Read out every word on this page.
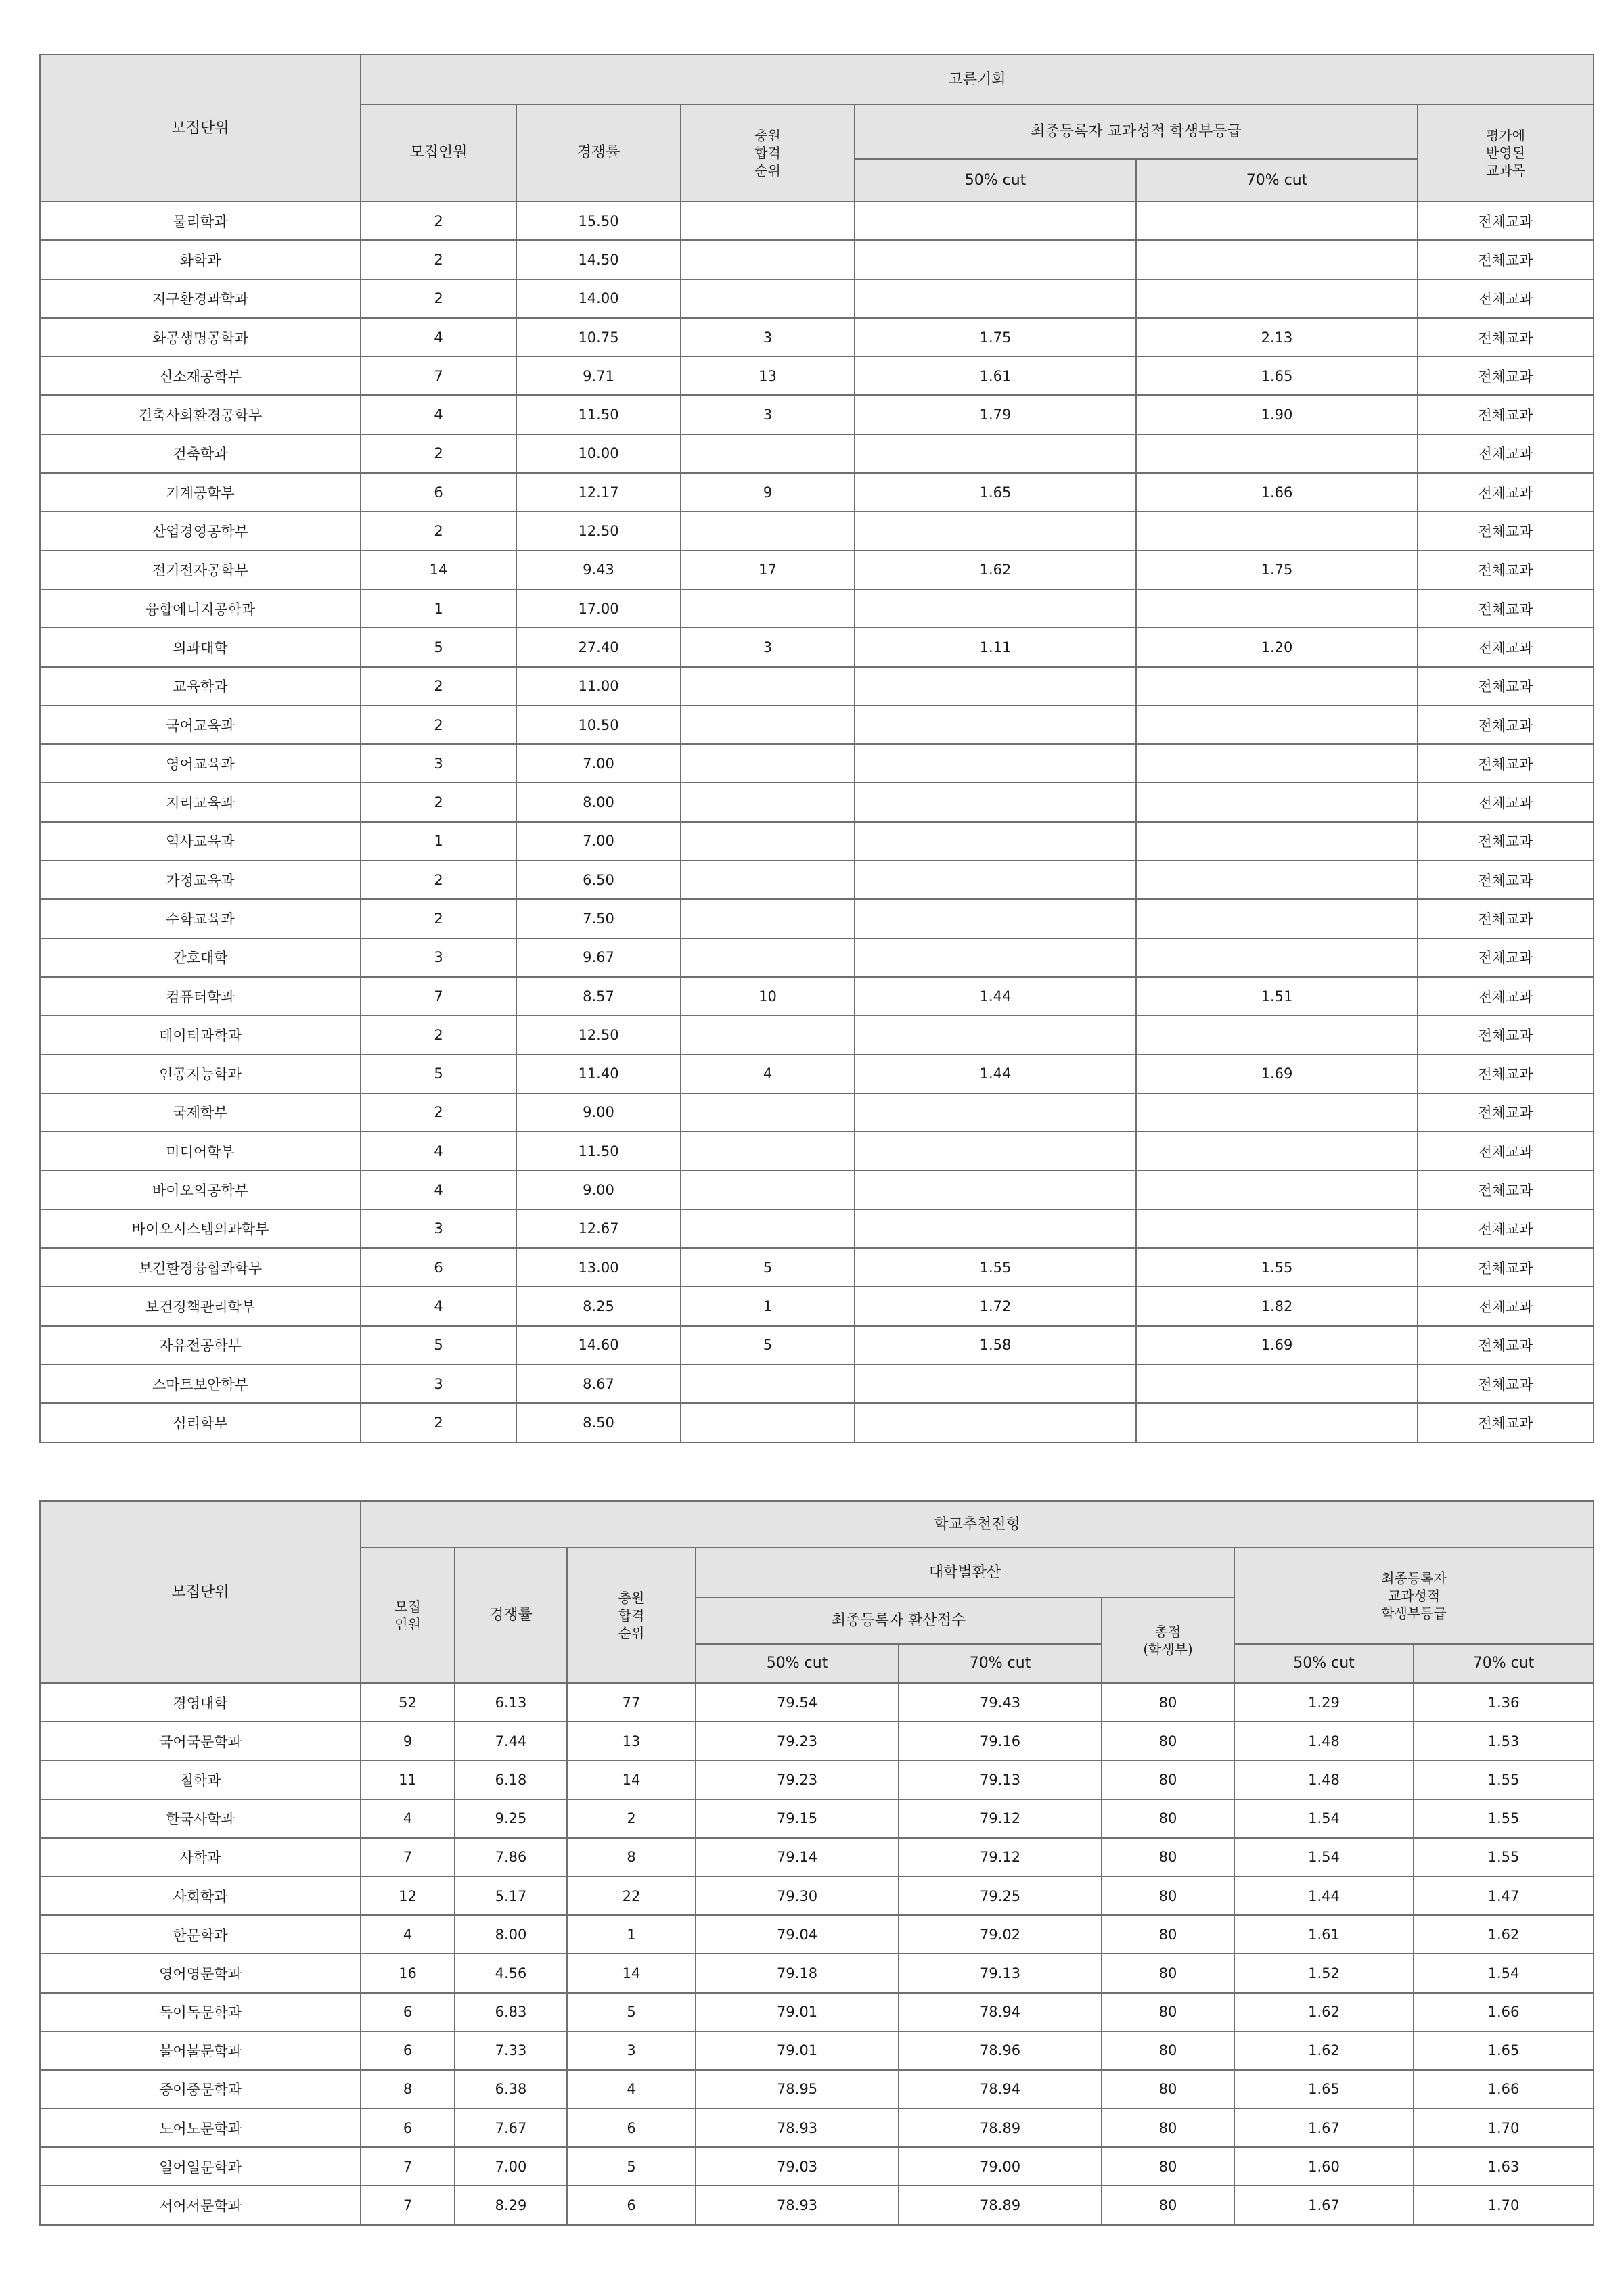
모집단위	고른기회					
	모집인원	경쟁률	충원
합격
순위	최종등록자 교과성적 학생부등급		평가에
반영된
교과목
				50% cut	70% cut	
물리학과	2	15.50				전체교과
화학과	2	14.50				전체교과
지구환경과학과	2	14.00				전체교과
화공생명공학과	4	10.75	3	1.75	2.13	전체교과
신소재공학부	7	9.71	13	1.61	1.65	전체교과
건축사회환경공학부	4	11.50	3	1.79	1.90	전체교과
건축학과	2	10.00				전체교과
기계공학부	6	12.17	9	1.65	1.66	전체교과
산업경영공학부	2	12.50				전체교과
전기전자공학부	14	9.43	17	1.62	1.75	전체교과
융합에너지공학과	1	17.00				전체교과
의과대학	5	27.40	3	1.11	1.20	전체교과
교육학과	2	11.00				전체교과
국어교육과	2	10.50				전체교과
영어교육과	3	7.00				전체교과
지리교육과	2	8.00				전체교과
역사교육과	1	7.00				전체교과
가정교육과	2	6.50				전체교과
수학교육과	2	7.50				전체교과
간호대학	3	9.67				전체교과
컴퓨터학과	7	8.57	10	1.44	1.51	전체교과
데이터과학과	2	12.50				전체교과
인공지능학과	5	11.40	4	1.44	1.69	전체교과
국제학부	2	9.00				전체교과
미디어학부	4	11.50				전체교과
바이오의공학부	4	9.00				전체교과
바이오시스템의과학부	3	12.67				전체교과
보건환경융합과학부	6	13.00	5	1.55	1.55	전체교과
보건정책관리학부	4	8.25	1	1.72	1.82	전체교과
자유전공학부	5	14.60	5	1.58	1.69	전체교과
스마트보안학부	3	8.67				전체교과
심리학부	2	8.50				전체교과
모집단위	학교추천전형							
	모집
인원	경쟁률	충원
합격
순위	대학별환산			최종등록자
교과성적
학생부등급	
				최종등록자 환산점수		총점
(학생부)		
				50% cut	70% cut		50% cut	70% cut
경영대학	52	6.13	77	79.54	79.43	80	1.29	1.36
국어국문학과	9	7.44	13	79.23	79.16	80	1.48	1.53
철학과	11	6.18	14	79.23	79.13	80	1.48	1.55
한국사학과	4	9.25	2	79.15	79.12	80	1.54	1.55
사학과	7	7.86	8	79.14	79.12	80	1.54	1.55
사회학과	12	5.17	22	79.30	79.25	80	1.44	1.47
한문학과	4	8.00	1	79.04	79.02	80	1.61	1.62
영어영문학과	16	4.56	14	79.18	79.13	80	1.52	1.54
독어독문학과	6	6.83	5	79.01	78.94	80	1.62	1.66
불어불문학과	6	7.33	3	79.01	78.96	80	1.62	1.65
중어중문학과	8	6.38	4	78.95	78.94	80	1.65	1.66
노어노문학과	6	7.67	6	78.93	78.89	80	1.67	1.70
일어일문학과	7	7.00	5	79.03	79.00	80	1.60	1.63
서어서문학과	7	8.29	6	78.93	78.89	80	1.67	1.70
